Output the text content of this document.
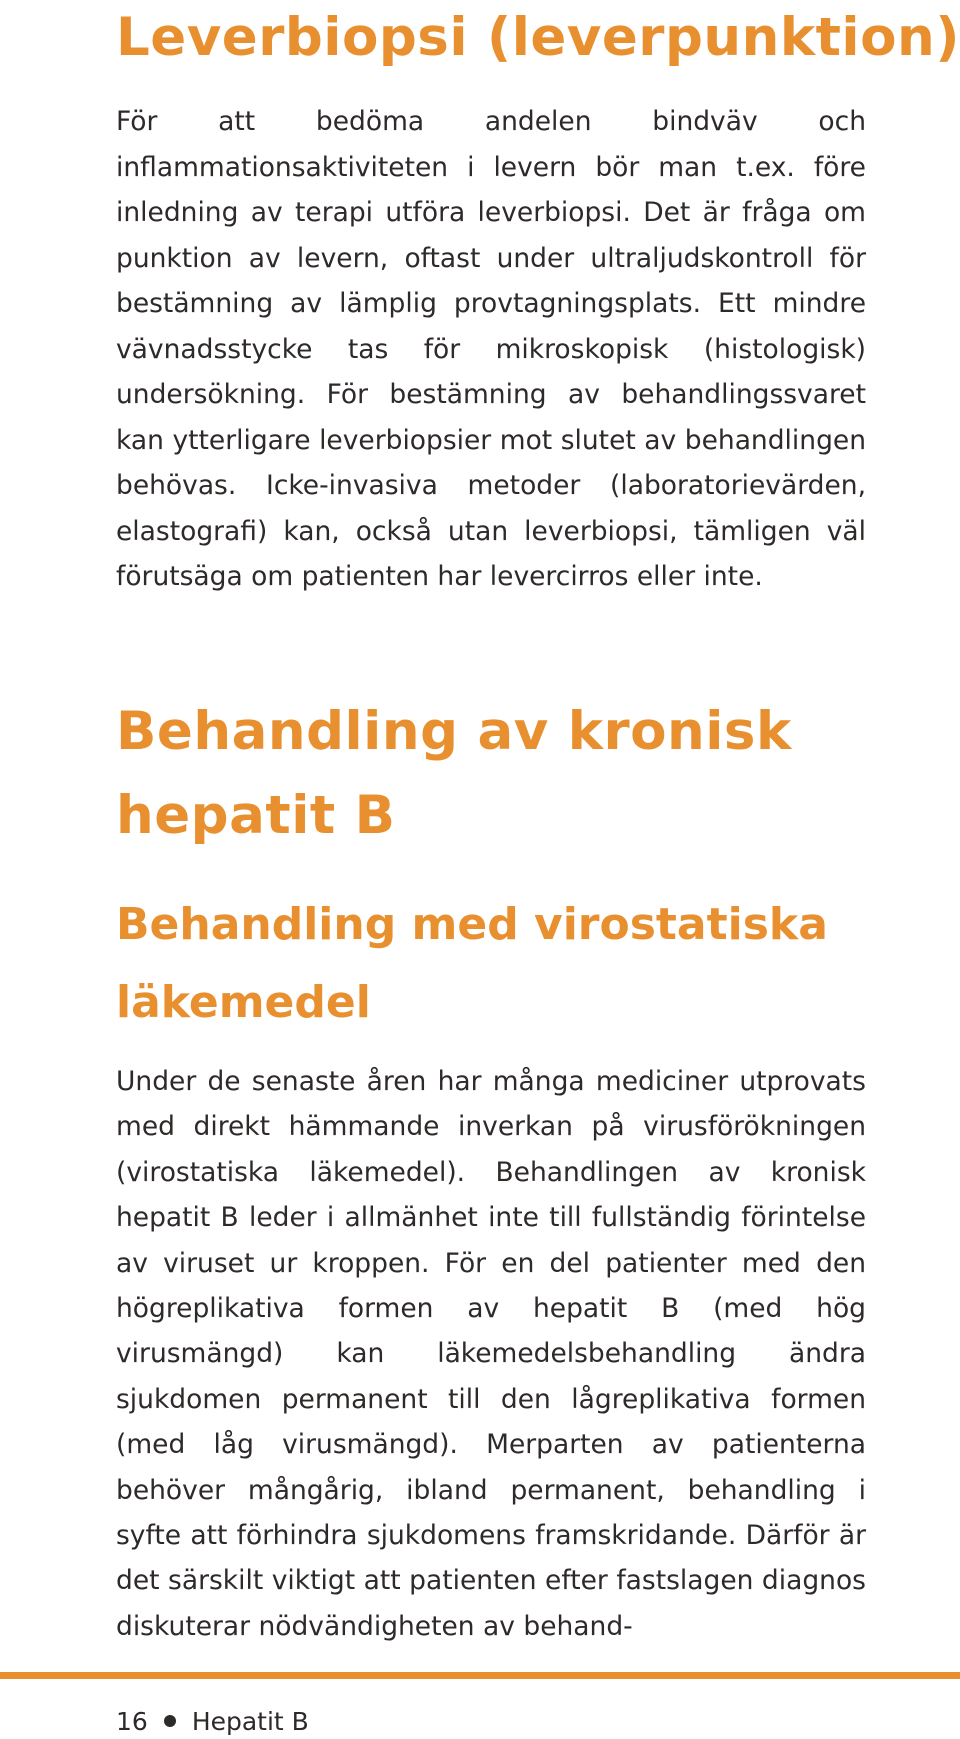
Leverbiopsi (leverpunktion)

För att bedöma andelen bindväv och inflammationsaktiviteten i levern bör man t.ex. före inledning av terapi utföra leverbiopsi. Det är fråga om punktion av levern, oftast under ultraljudskontroll för bestämning av lämplig provtagningsplats. Ett mindre vävnadsstycke tas för mikroskopisk (histologisk) undersökning. För bestämning av behandlingssvaret kan ytterligare leverbiopsier mot slutet av behandlingen behövas. Icke-invasiva metoder (laboratorievärden, elastografi) kan, också utan leverbiopsi, tämligen väl förutsäga om patienten har levercirros eller inte.

Behandling av kronisk hepatit B
Behandling med virostatiska läkemedel

Under de senaste åren har många mediciner utprovats med direkt hämmande inverkan på virusförökningen (virostatiska läkemedel). Behandlingen av kronisk hepatit B leder i allmänhet inte till fullständig förintelse av viruset ur kroppen. För en del patienter med den högreplikativa formen av hepatit B (med hög virusmängd) kan läkemedelsbehandling ändra sjukdomen permanent till den lågreplikativa formen (med låg virusmängd). Merparten av patienterna behöver mångårig, ibland permanent, behandling i syfte att förhindra sjukdomens framskridande. Därför är det särskilt viktigt att patienten efter fastslagen diagnos diskuterar nödvändigheten av behand-

16 Hepatit B
